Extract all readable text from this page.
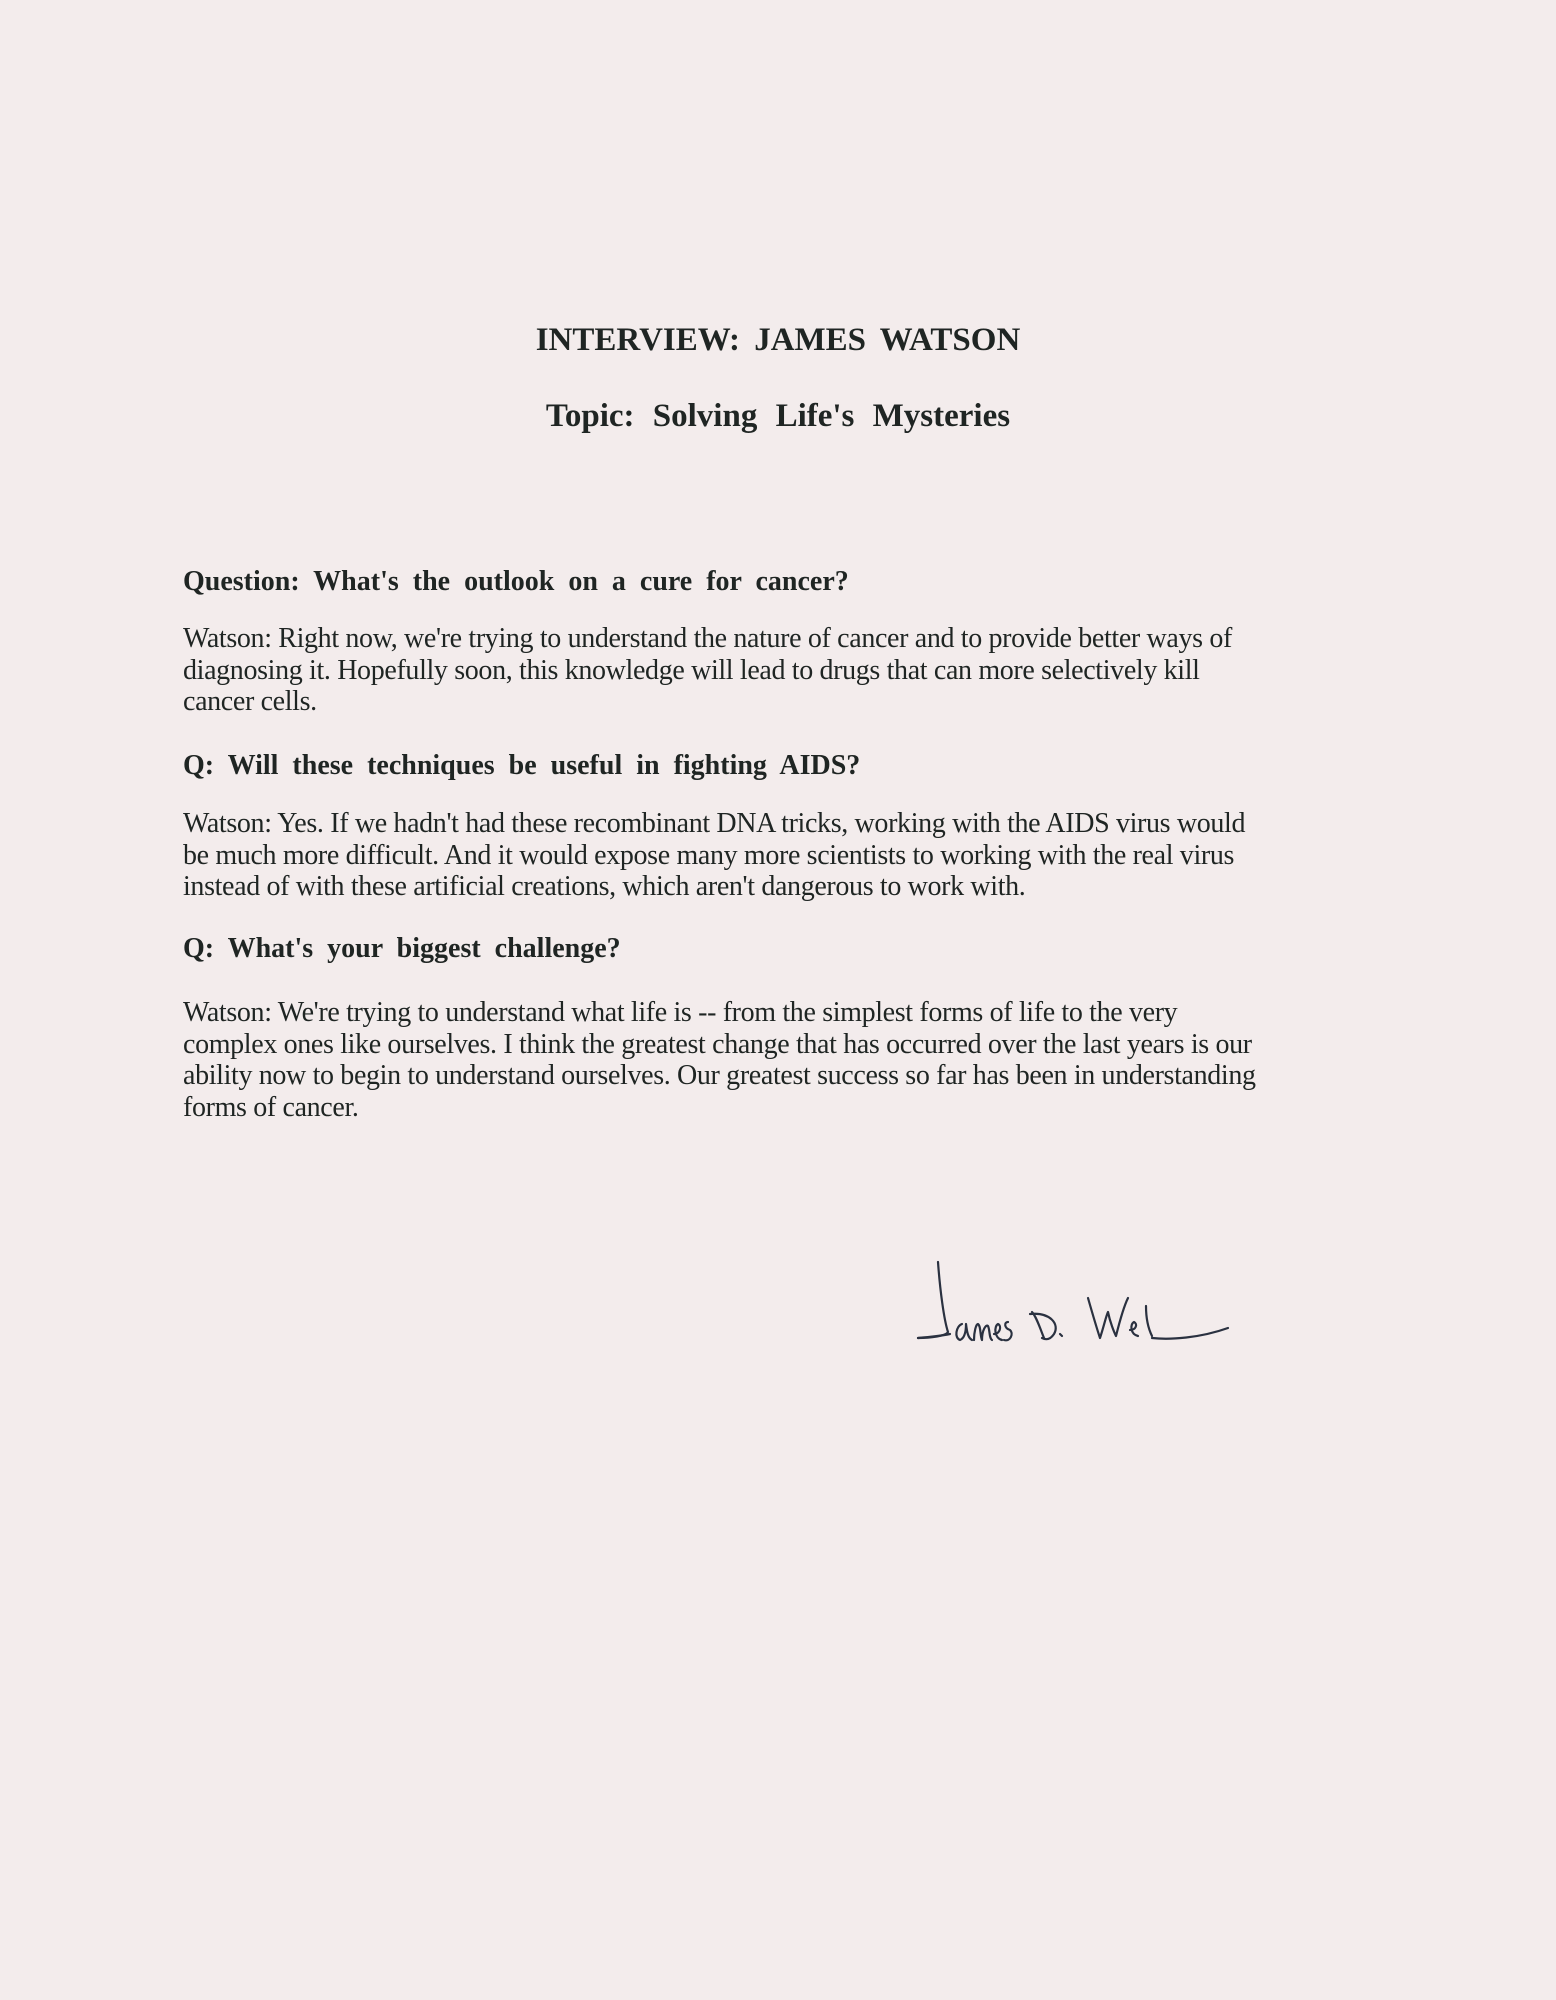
INTERVIEW: JAMES WATSON
Topic: Solving Life's Mysteries
Question: What's the outlook on a cure for cancer?

Watson: Right now, we're trying to understand the nature of cancer and to provide better ways of

diagnosing it. Hopefully soon, this knowledge will lead to drugs that can more selectively kill

cancer cells.

Q: Will these techniques be useful in fighting AIDS?

Watson: Yes. If we hadn't had these recombinant DNA tricks, working with the AIDS virus would

be much more difficult. And it would expose many more scientists to working with the real virus

instead of with these artificial creations, which aren't dangerous to work with.

Q: What's your biggest challenge?

Watson: We're trying to understand what life is -- from the simplest forms of life to the very

complex ones like ourselves. I think the greatest change that has occurred over the last years is our

ability now to begin to understand ourselves. Our greatest success so far has been in understanding

forms of cancer.
